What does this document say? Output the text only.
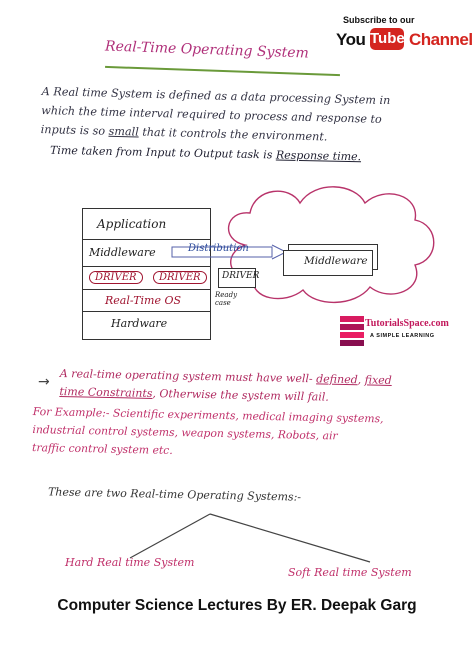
Subscribe to our
You Tube Channel
Real-Time Operating System
A Real time System is defined as a data processing System in
which the time interval required to process and response to
inputs is so small that it controls the environment.
Time taken from Input to Output task is Response time.
Application
Middleware
DRIVER	DRIVER
Real-Time OS
Hardware
Distribution
Middleware
DRIVER
Ready
case
TutorialsSpace.com
A SIMPLE LEARNING
→ A real-time operating system must have well- defined, fixed
time Constraints, Otherwise the system will fail.
For Example:- Scientific experiments, medical imaging systems,
industrial control systems, weapon systems, Robots, air
traffic control system etc.
These are two Real-time Operating Systems:-
Hard Real time System
Soft Real time System
Computer Science Lectures By ER. Deepak Garg
